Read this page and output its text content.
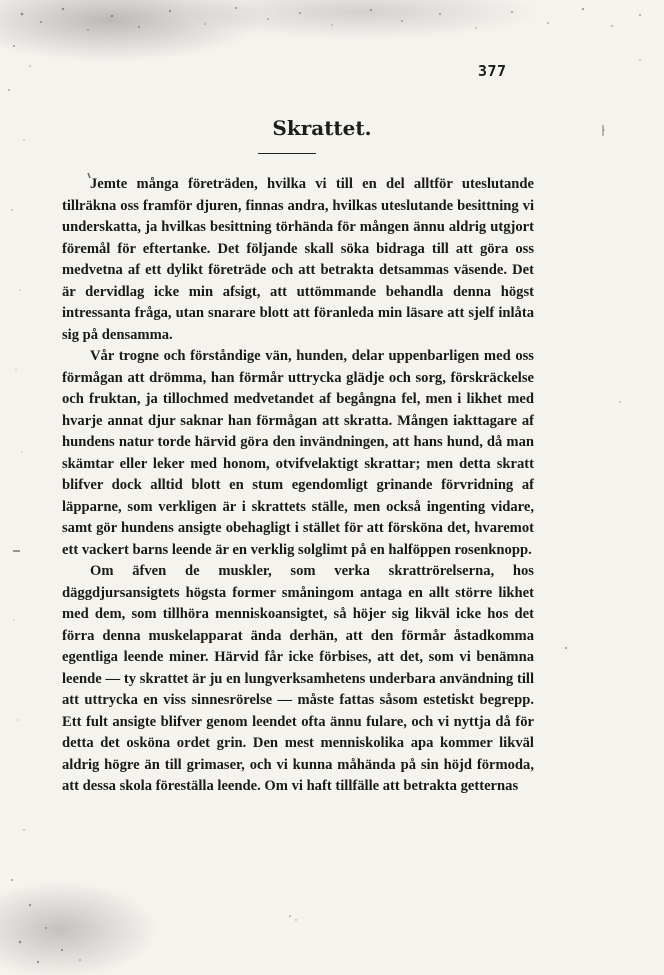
377
Skrattet.

Jemte många företräden, hvilka vi till en del alltför uteslutande tillräkna oss framför djuren, finnas andra, hvilkas uteslutande besittning vi underskatta, ja hvilkas besittning törhända för mången ännu aldrig utgjort föremål för eftertanke. Det följande skall söka bidraga till att göra oss medvetna af ett dylikt företräde och att betrakta detsammas väsende. Det är dervidlag icke min afsigt, att uttömmande behandla denna högst intressanta fråga, utan snarare blott att föranleda min läsare att sjelf inlåta sig på densamma.

Vår trogne och förståndige vän, hunden, delar uppenbarligen med oss förmågan att drömma, han förmår uttrycka glädje och sorg, förskräckelse och fruktan, ja tillochmed medvetandet af begångna fel, men i likhet med hvarje annat djur saknar han förmågan att skratta. Mången iakttagare af hundens natur torde härvid göra den invändningen, att hans hund, då man skämtar eller leker med honom, otvifvelaktigt skrattar; men detta skratt blifver dock alltid blott en stum egendomligt grinande förvridning af läpparne, som verkligen är i skrattets ställe, men också ingenting vidare, samt gör hundens ansigte obehagligt i stället för att försköna det, hvaremot ett vackert barns leende är en verklig solglimt på en halföppen rosenknopp.

Om äfven de muskler, som verka skrattrörelserna, hos däggdjursansigtets högsta former småningom antaga en allt större likhet med dem, som tillhöra menniskoansigtet, så höjer sig likväl icke hos det förra denna muskelapparat ända derhän, att den förmår åstadkomma egentliga leende miner. Härvid får icke förbises, att det, som vi benämna leende — ty skrattet är ju en lungverksamhetens underbara användning till att uttrycka en viss sinnesrörelse — måste fattas såsom estetiskt begrepp. Ett fult ansigte blifver genom leendet ofta ännu fulare, och vi nyttja då för detta det osköna ordet grin. Den mest menniskolika apa kommer likväl aldrig högre än till grimaser, och vi kunna måhända på sin höjd förmoda, att dessa skola föreställa leende. Om vi haft tillfälle att betrakta getternas
